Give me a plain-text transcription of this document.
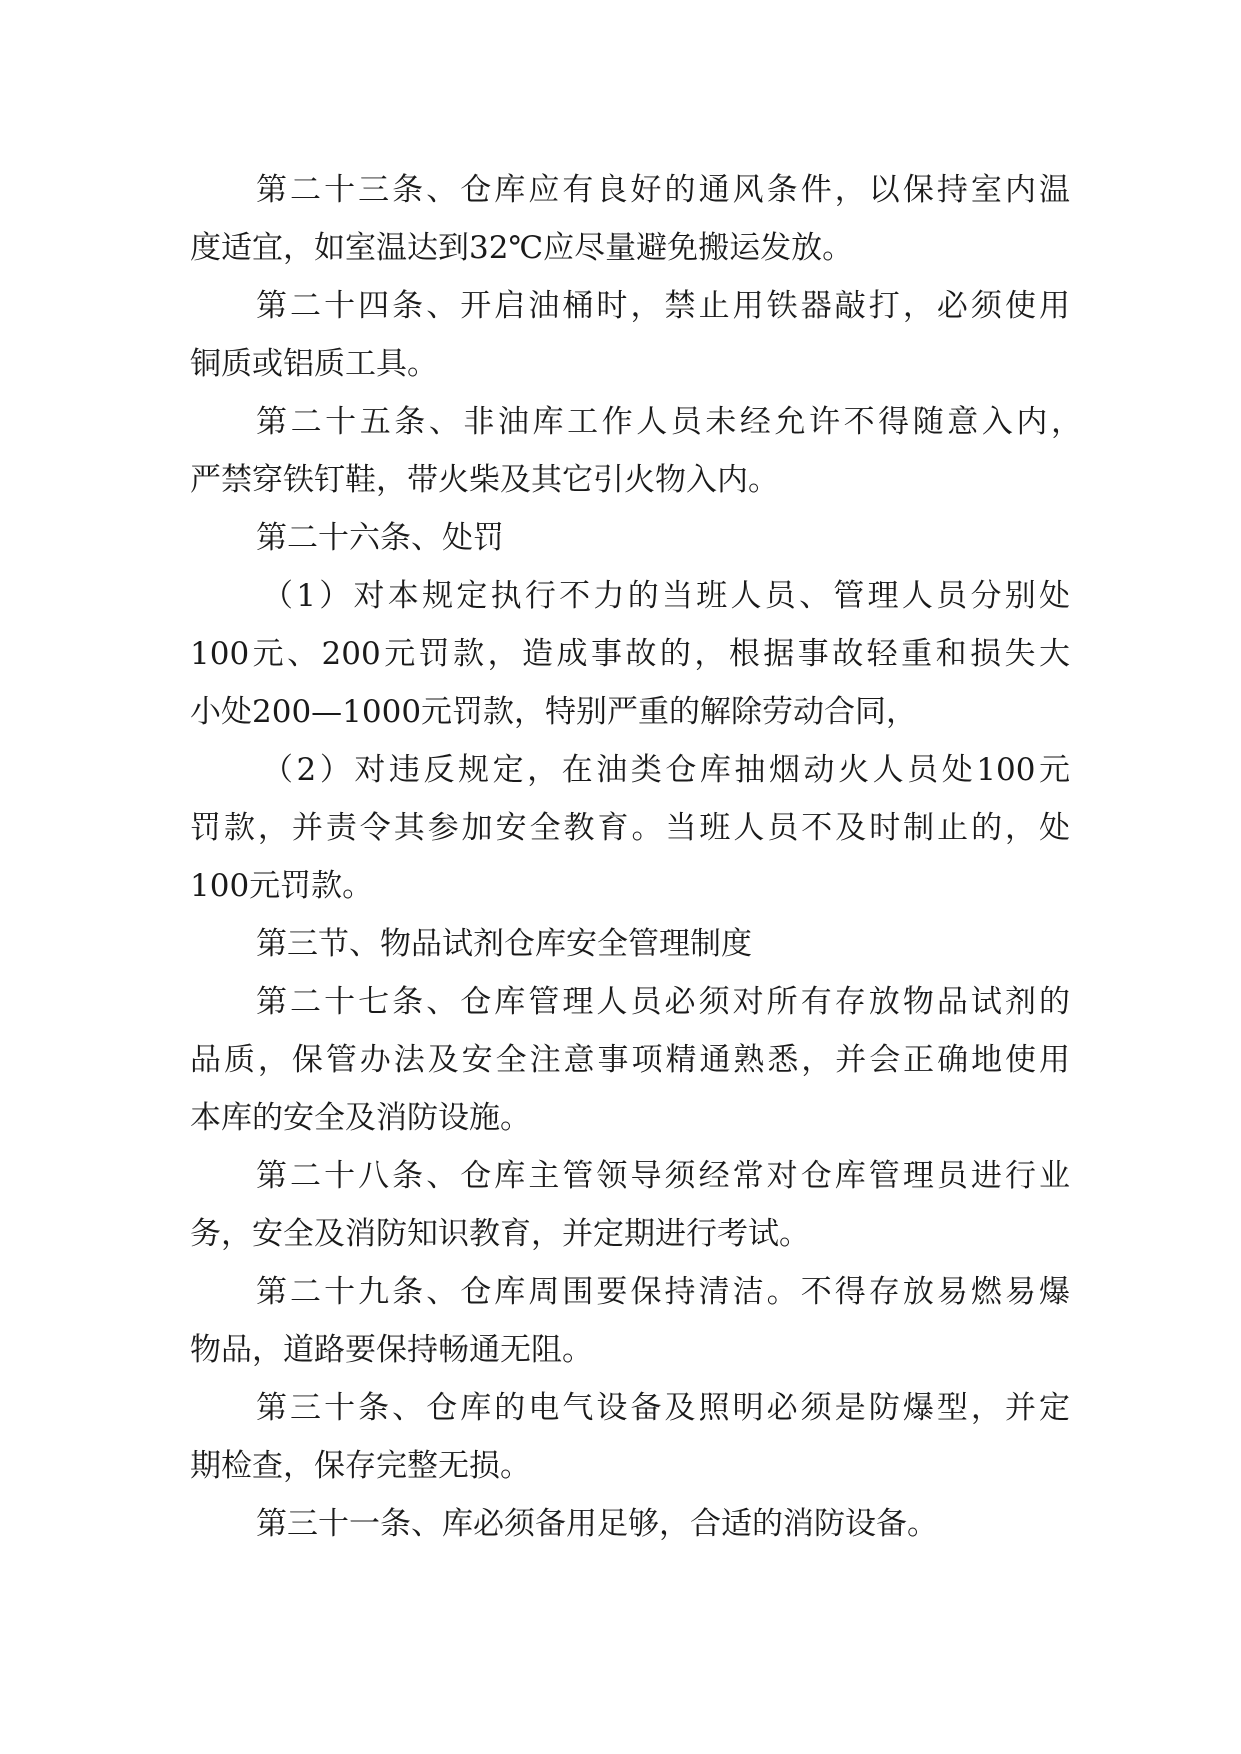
第二十三条、仓库应有良好的通风条件，以保持室内温
度适宜，如室温达到32℃应尽量避免搬运发放。
第二十四条、开启油桶时，禁止用铁器敲打，必须使用
铜质或铝质工具。
第二十五条、非油库工作人员未经允许不得随意入内，
严禁穿铁钉鞋，带火柴及其它引火物入内。
第二十六条、处罚
（1）对本规定执行不力的当班人员、管理人员分别处
100元、200元罚款，造成事故的，根据事故轻重和损失大
小处200—1000元罚款，特别严重的解除劳动合同，
（2）对违反规定，在油类仓库抽烟动火人员处100元
罚款，并责令其参加安全教育。当班人员不及时制止的，处
100元罚款。
第三节、物品试剂仓库安全管理制度
第二十七条、仓库管理人员必须对所有存放物品试剂的
品质，保管办法及安全注意事项精通熟悉，并会正确地使用
本库的安全及消防设施。
第二十八条、仓库主管领导须经常对仓库管理员进行业
务，安全及消防知识教育，并定期进行考试。
第二十九条、仓库周围要保持清洁。不得存放易燃易爆
物品，道路要保持畅通无阻。
第三十条、仓库的电气设备及照明必须是防爆型，并定
期检查，保存完整无损。
第三十一条、库必须备用足够，合适的消防设备。
